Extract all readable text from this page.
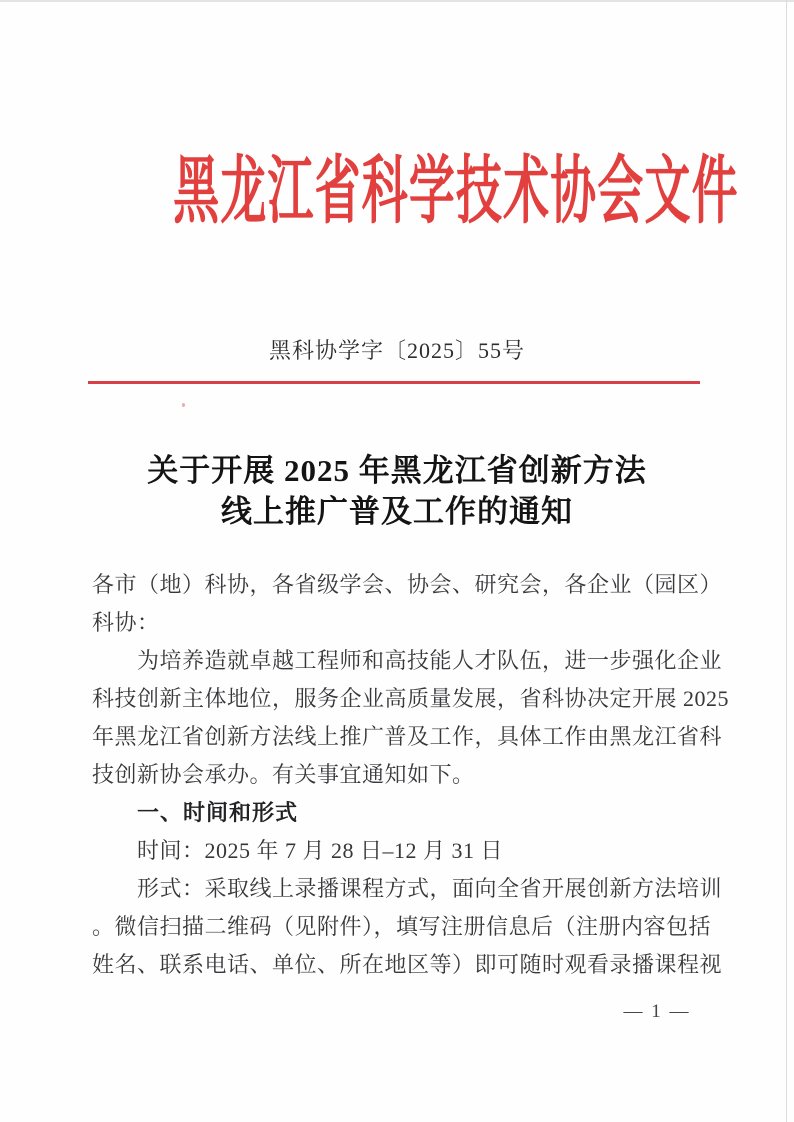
黑龙江省科学技术协会文件
黑科协学字〔2025〕55号
关于开展 2025 年黑龙江省创新方法
线上推广普及工作的通知
各市（地）科协，各省级学会、协会、研究会，各企业（园区）
科协：
为培养造就卓越工程师和高技能人才队伍，进一步强化企业
科技创新主体地位，服务企业高质量发展，省科协决定开展 2025
年黑龙江省创新方法线上推广普及工作，具体工作由黑龙江省科
技创新协会承办。有关事宜通知如下。
一、时间和形式
时间：2025 年 7 月 28 日–12 月 31 日
形式：采取线上录播课程方式，面向全省开展创新方法培训
。微信扫描二维码（见附件），填写注册信息后（注册内容包括
姓名、联系电话、单位、所在地区等）即可随时观看录播课程视
— 1 —
